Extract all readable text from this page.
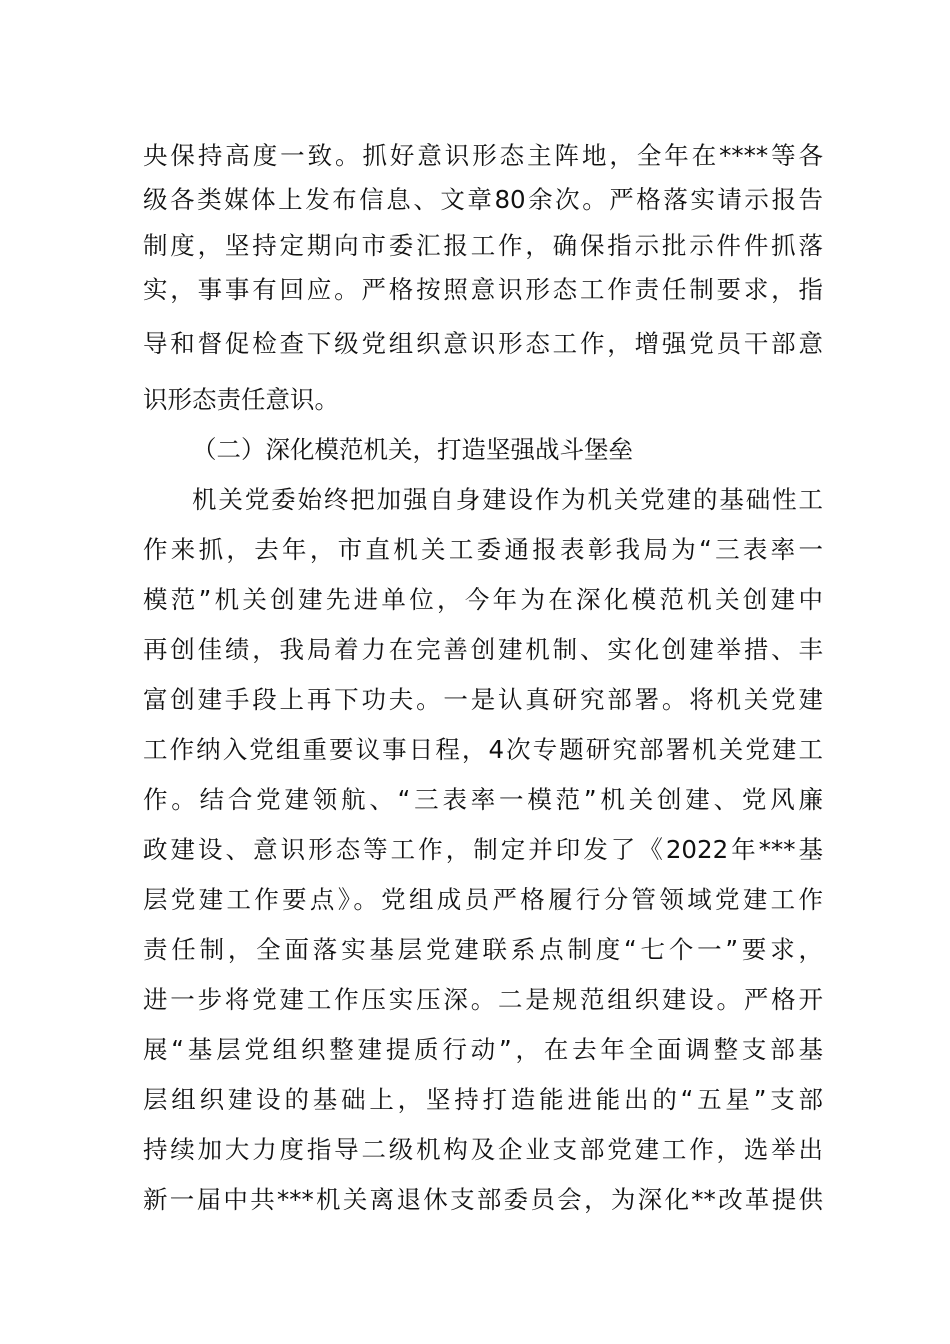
央保持高度一致。抓好意识形态主阵地，全年在****等各
级各类媒体上发布信息、文章80余次。严格落实请示报告
制度，坚持定期向市委汇报工作，确保指示批示件件抓落
实，事事有回应。严格按照意识形态工作责任制要求，指
导和督促检查下级党组织意识形态工作，增强党员干部意
识形态责任意识。
（二）深化模范机关，打造坚强战斗堡垒
机关党委始终把加强自身建设作为机关党建的基础性工
作来抓，去年，市直机关工委通报表彰我局为“三表率一
模范”机关创建先进单位，今年为在深化模范机关创建中
再创佳绩，我局着力在完善创建机制、实化创建举措、丰
富创建手段上再下功夫。一是认真研究部署。将机关党建
工作纳入党组重要议事日程，4次专题研究部署机关党建工
作。结合党建领航、“三表率一模范”机关创建、党风廉
政建设、意识形态等工作，制定并印发了《2022年***基
层党建工作要点》。党组成员严格履行分管领域党建工作
责任制，全面落实基层党建联系点制度“七个一”要求，
进一步将党建工作压实压深。二是规范组织建设。严格开
展“基层党组织整建提质行动”，在去年全面调整支部基
层组织建设的基础上，坚持打造能进能出的“五星”支部
持续加大力度指导二级机构及企业支部党建工作，选举出
新一届中共***机关离退休支部委员会，为深化**改革提供
